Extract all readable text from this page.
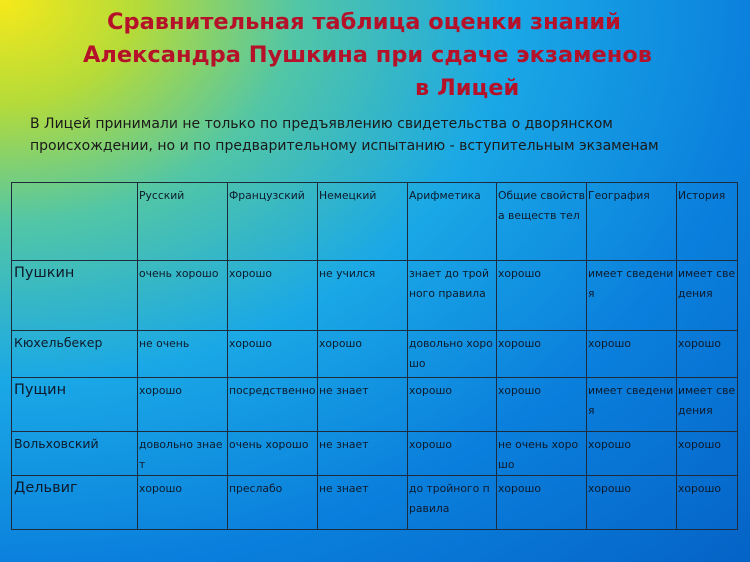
Сравнительная таблица оценки знаний
Александра Пушкина при сдаче экзаменов
в Лицей
В Лицей принимали не только по предъявлению свидетельства о дворянском
происхождении, но и по предварительному испытанию - вступительным экзаменам
	Русский	Французский	Немецкий	Арифметика	Общие свойства веществ тел	География	История
Пушкин	очень хорошо	хорошо	не учился	знает до тройного правила	хорошо	имеет сведения	имеет сведения
Кюхельбекер	не очень	хорошо	хорошо	довольно хорошо	хорошо	хорошо	хорошо
Пущин	хорошо	посредственно	не знает	хорошо	хорошо	имеет сведения	имеет сведения
Вольховский	довольно знает	очень хорошо	не знает	хорошо	не очень хорошо	хорошо	хорошо
Дельвиг	хорошо	преслабо	не знает	до тройного правила	хорошо	хорошо	хорошо
